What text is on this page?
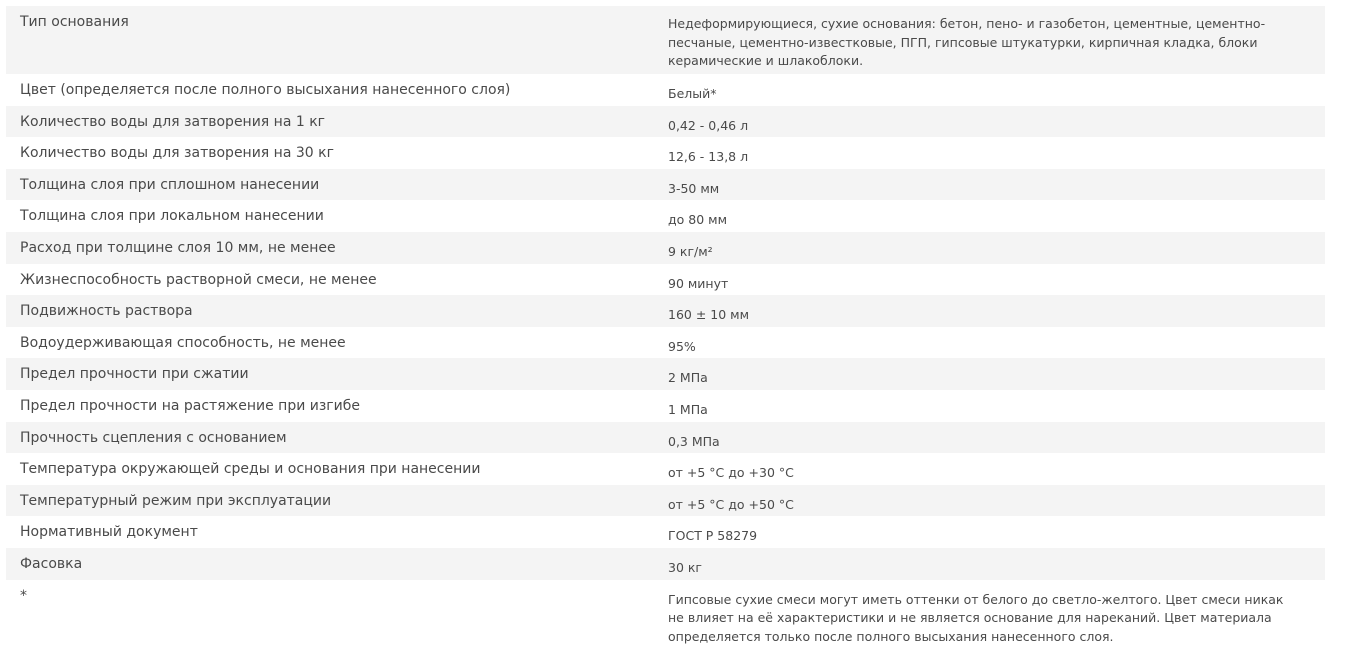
Тип основания	Недеформирующиеся, сухие основания: бетон, пено- и газобетон, цементные, цементно-песчаные, цементно-известковые, ПГП, гипсовые штукатурки, кирпичная кладка, блоки керамические и шлакоблоки.
Цвет (определяется после полного высыхания нанесенного слоя)	Белый*
Количество воды для затворения на 1 кг	0,42 - 0,46 л
Количество воды для затворения на 30 кг	12,6 - 13,8 л
Толщина слоя при сплошном нанесении	3-50 мм
Толщина слоя при локальном нанесении	до 80 мм
Расход при толщине слоя 10 мм, не менее	9 кг/м²
Жизнеспособность растворной смеси, не менее	90 минут
Подвижность раствора	160 ± 10 мм
Водоудерживающая способность, не менее	95%
Предел прочности при сжатии	2 МПа
Предел прочности на растяжение при изгибе	1 МПа
Прочность сцепления с основанием	0,3 МПа
Температура окружающей среды и основания при нанесении	от +5 °С до +30 °С
Температурный режим при эксплуатации	от +5 °С до +50 °С
Нормативный документ	ГОСТ Р 58279
Фасовка	30 кг
*	Гипсовые сухие смеси могут иметь оттенки от белого до светло-желтого. Цвет смеси никак не влияет на её характеристики и не является основание для нареканий. Цвет материала определяется только после полного высыхания нанесенного слоя.
